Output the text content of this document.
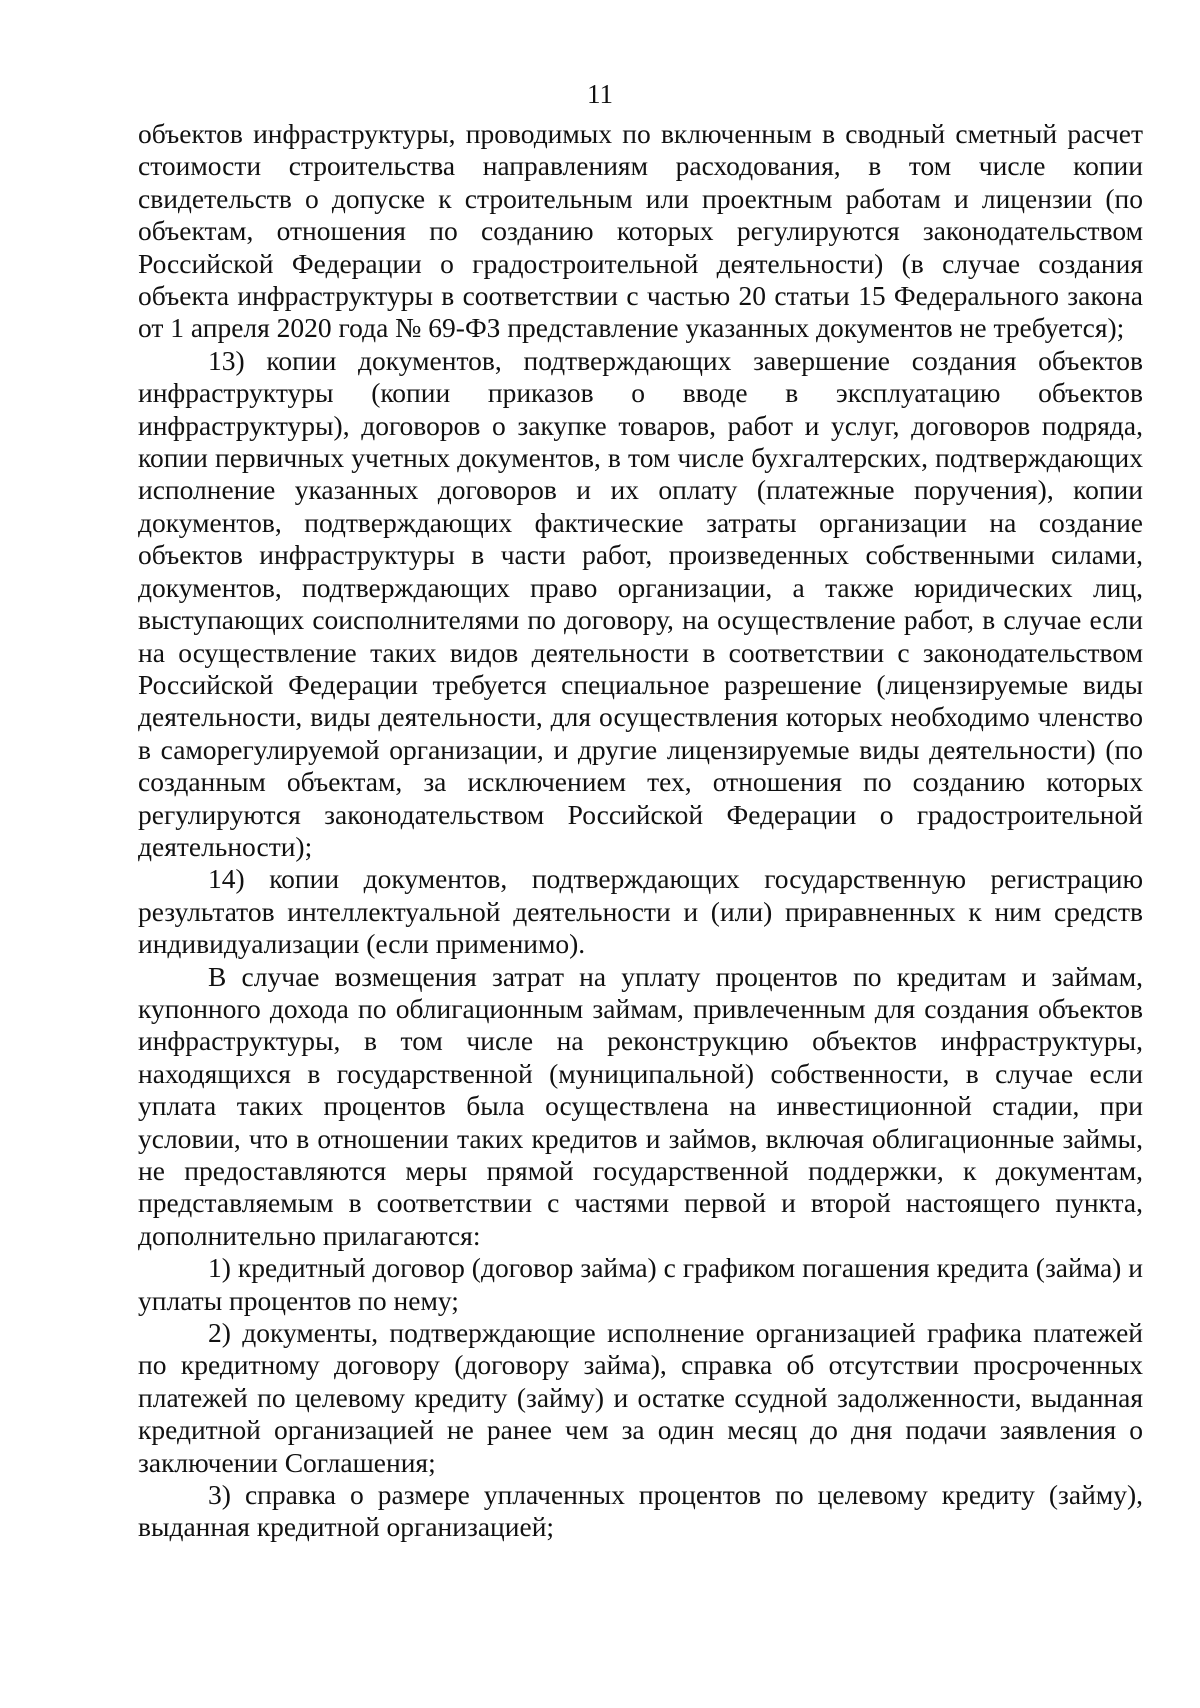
11

объектов инфраструктуры, проводимых по включенным в сводный сметный расчет стоимости строительства направлениям расходования, в том числе копии свидетельств о допуске к строительным или проектным работам и лицензии (по объектам, отношения по созданию которых регулируются законодательством Российской Федерации о градостроительной деятельности) (в случае создания объекта инфраструктуры в соответствии с частью 20 статьи 15 Федерального закона от 1 апреля 2020 года № 69-ФЗ представление указанных документов не требуется);

13) копии документов, подтверждающих завершение создания объектов инфраструктуры (копии приказов о вводе в эксплуатацию объектов инфраструктуры), договоров о закупке товаров, работ и услуг, договоров подряда, копии первичных учетных документов, в том числе бухгалтерских, подтверждающих исполнение указанных договоров и их оплату (платежные поручения), копии документов, подтверждающих фактические затраты организации на создание объектов инфраструктуры в части работ, произведенных собственными силами, документов, подтверждающих право организации, а также юридических лиц, выступающих соисполнителями по договору, на осуществление работ, в случае если на осуществление таких видов деятельности в соответствии с законодательством Российской Федерации требуется специальное разрешение (лицензируемые виды деятельности, виды деятельности, для осуществления которых необходимо членство в саморегулируемой организации, и другие лицензируемые виды деятельности) (по созданным объектам, за исключением тех, отношения по созданию которых регулируются законодательством Российской Федерации о градостроительной деятельности);

14) копии документов, подтверждающих государственную регистрацию результатов интеллектуальной деятельности и (или) приравненных к ним средств индивидуализации (если применимо).

В случае возмещения затрат на уплату процентов по кредитам и займам, купонного дохода по облигационным займам, привлеченным для создания объектов инфраструктуры, в том числе на реконструкцию объектов инфраструктуры, находящихся в государственной (муниципальной) собственности, в случае если уплата таких процентов была осуществлена на инвестиционной стадии, при условии, что в отношении таких кредитов и займов, включая облигационные займы, не предоставляются меры прямой государственной поддержки, к документам, представляемым в соответствии с частями первой и второй настоящего пункта, дополнительно прилагаются:

1) кредитный договор (договор займа) с графиком погашения кредита (займа) и уплаты процентов по нему;

2) документы, подтверждающие исполнение организацией графика платежей по кредитному договору (договору займа), справка об отсутствии просроченных платежей по целевому кредиту (займу) и остатке ссудной задолженности, выданная кредитной организацией не ранее чем за один месяц до дня подачи заявления о заключении Соглашения;

3) справка о размере уплаченных процентов по целевому кредиту (займу), выданная кредитной организацией;
